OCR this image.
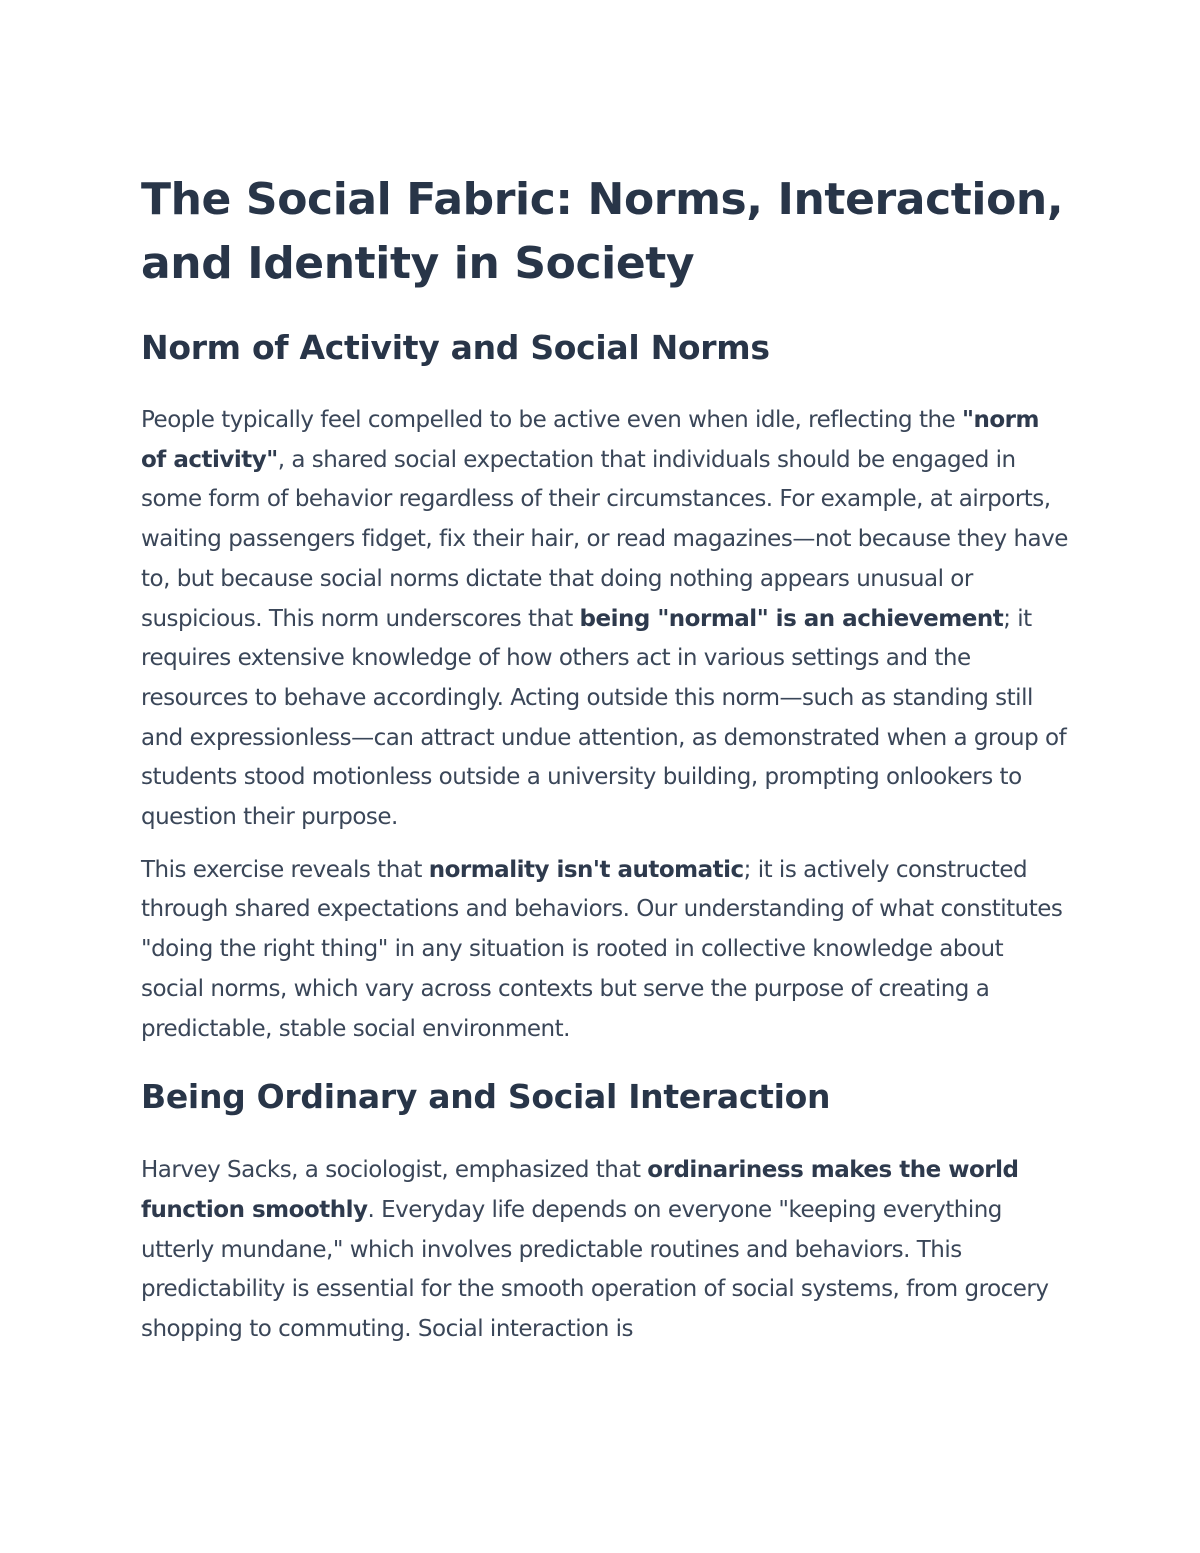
The Social Fabric: Norms, Interaction, and Identity in Society
Norm of Activity and Social Norms

People typically feel compelled to be active even when idle, reflecting the "norm of activity", a shared social expectation that individuals should be engaged in some form of behavior regardless of their circumstances. For example, at airports, waiting passengers fidget, fix their hair, or read magazines—not because they have to, but because social norms dictate that doing nothing appears unusual or suspicious. This norm underscores that being "normal" is an achievement; it requires extensive knowledge of how others act in various settings and the resources to behave accordingly. Acting outside this norm—such as standing still and expressionless—can attract undue attention, as demonstrated when a group of students stood motionless outside a university building, prompting onlookers to question their purpose.

This exercise reveals that normality isn't automatic; it is actively constructed through shared expectations and behaviors. Our understanding of what constitutes "doing the right thing" in any situation is rooted in collective knowledge about social norms, which vary across contexts but serve the purpose of creating a predictable, stable social environment.

Being Ordinary and Social Interaction

Harvey Sacks, a sociologist, emphasized that ordinariness makes the world function smoothly. Everyday life depends on everyone "keeping everything utterly mundane," which involves predictable routines and behaviors. This predictability is essential for the smooth operation of social systems, from grocery shopping to commuting. Social interaction is
